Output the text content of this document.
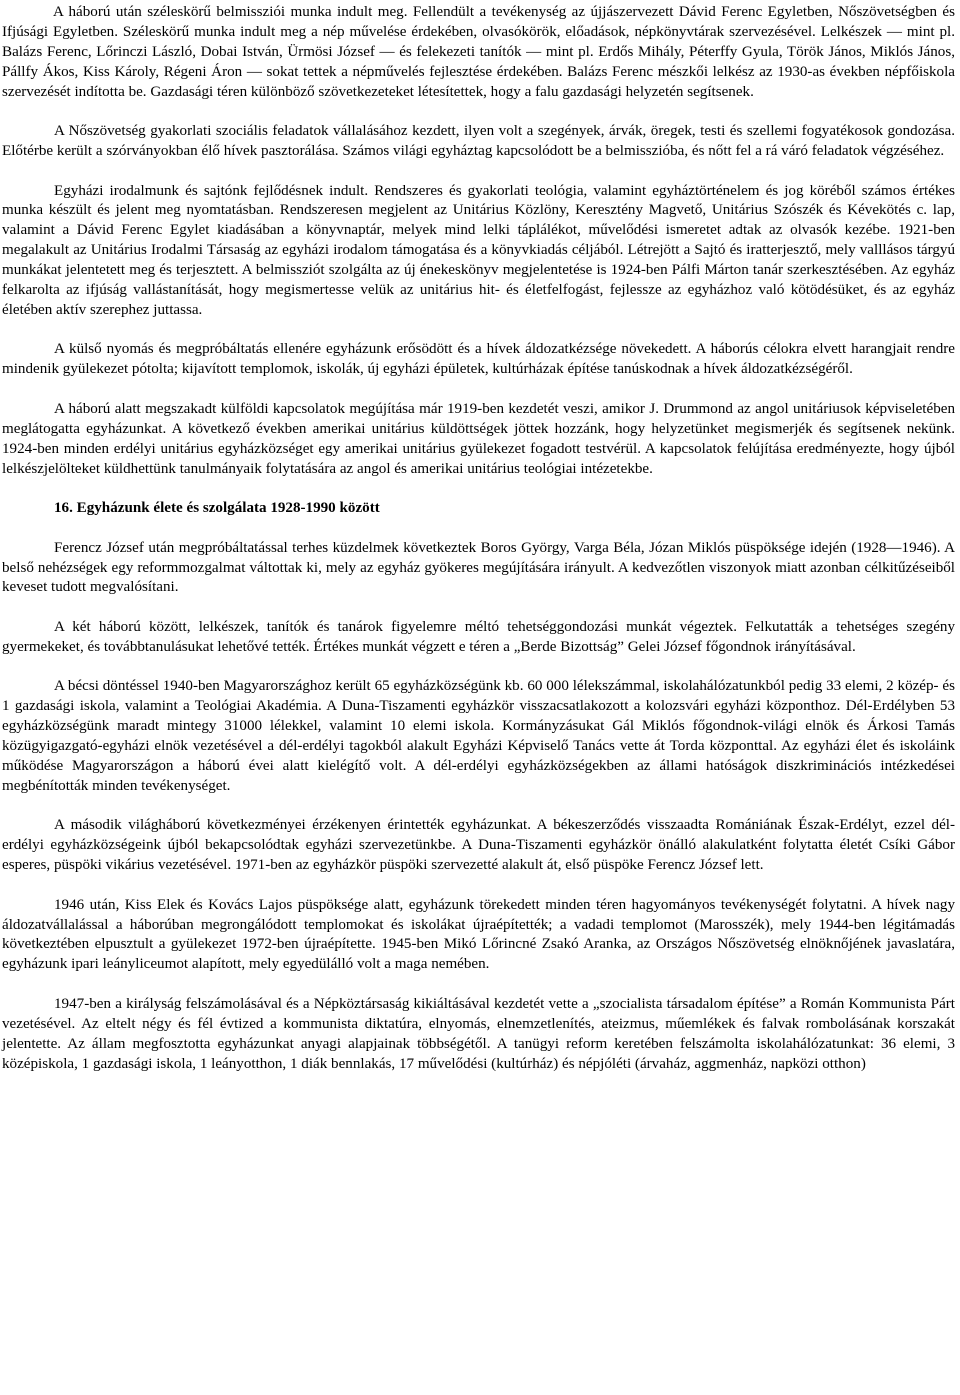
A háború után széleskörű belmissziói munka indult meg. Fellendült a tevékenység az újjászervezett Dávid Ferenc Egyletben, Nőszövetségben és Ifjúsági Egyletben. Széleskörű munka indult meg a nép művelése érdekében, olvasókörök, előadások, népkönyvtárak szervezésével. Lelkészek — mint pl. Balázs Ferenc, Lőrinczi László, Dobai István, Ürmösi József — és felekezeti tanítók — mint pl. Erdős Mihály, Péterffy Gyula, Török János, Miklós János, Pállfy Ákos, Kiss Károly, Régeni Áron — sokat tettek a népművelés fejlesztése érdekében. Balázs Ferenc mészkői lelkész az 1930-as években népfőiskola szervezését indította be. Gazdasági téren különböző szövetkezeteket létesítettek, hogy a falu gazdasági helyzetén segítsenek.

A Nőszövetség gyakorlati szociális feladatok vállalásához kezdett, ilyen volt a szegények, árvák, öregek, testi és szellemi fogyatékosok gondozása. Előtérbe került a szórványokban élő hívek pasztorálása. Számos világi egyháztag kapcsolódott be a belmisszióba, és nőtt fel a rá váró feladatok végzéséhez.

Egyházi irodalmunk és sajtónk fejlődésnek indult. Rendszeres és gyakorlati teológia, valamint egyháztörténelem és jog köréből számos értékes munka készült és jelent meg nyomtatásban. Rendszeresen megjelent az Unitárius Közlöny, Keresztény Magvető, Unitárius Szószék és Kévekötés c. lap, valamint a Dávid Ferenc Egylet kiadásában a könyvnaptár, melyek mind lelki táplálékot, művelődési ismeretet adtak az olvasók kezébe. 1921-ben megalakult az Unitárius Irodalmi Társaság az egyházi irodalom támogatása és a könyvkiadás céljából. Létrejött a Sajtó és iratterjesztő, mely valllásos tárgyú munkákat jelentetett meg és terjesztett. A belmissziót szolgálta az új énekeskönyv megjelentetése is 1924-ben Pálfi Márton tanár szerkesztésében. Az egyház felkarolta az ifjúság vallástanítását, hogy megismertesse velük az unitárius hit- és életfelfogást, fejlessze az egyházhoz való kötödésüket, és az egyház életében aktív szerephez juttassa.

A külső nyomás és megpróbáltatás ellenére egyházunk erősödött és a hívek áldozatkézsége növekedett. A háborús célokra elvett harangjait rendre mindenik gyülekezet pótolta; kijavított templomok, iskolák, új egyházi épületek, kultúrházak építése tanúskodnak a hívek áldozatkézségéről.

A háború alatt megszakadt külföldi kapcsolatok megújítása már 1919-ben kezdetét veszi, amikor J. Drummond az angol unitáriusok képviseletében meglátogatta egyházunkat. A következő években amerikai unitárius küldöttségek jöttek hozzánk, hogy helyzetünket megismerjék és segítsenek nekünk. 1924-ben minden erdélyi unitárius egyházközséget egy amerikai unitárius gyülekezet fogadott testvérül. A kapcsolatok felújítása eredményezte, hogy újból lelkészjelölteket küldhettünk tanulmányaik folytatására az angol és amerikai unitárius teológiai intézetekbe.

16. Egyházunk élete és szolgálata 1928-1990 között

Ferencz József után megpróbáltatással terhes küzdelmek következtek Boros György, Varga Béla, Józan Miklós püspöksége idején (1928—1946). A belső nehézségek egy reformmozgalmat váltottak ki, mely az egyház gyökeres megújítására irányult. A kedvezőtlen viszonyok miatt azonban célkitűzéseiből keveset tudott megvalósítani.

A két háború között, lelkészek, tanítók és tanárok figyelemre méltó tehetséggondozási munkát végeztek. Felkutatták a tehetséges szegény gyermekeket, és továbbtanulásukat lehetővé tették. Értékes munkát végzett e téren a „Berde Bizottság” Gelei József főgondnok irányításával.

A bécsi döntéssel 1940-ben Magyarországhoz került 65 egyházközségünk kb. 60 000 lélekszámmal, iskolahálózatunkból pedig 33 elemi, 2 közép- és 1 gazdasági iskola, valamint a Teológiai Akadémia. A Duna-Tiszamenti egyházkör visszacsatlakozott a kolozsvári egyházi központhoz. Dél-Erdélyben 53 egyházközségünk maradt mintegy 31000 lélekkel, valamint 10 elemi iskola. Kormányzásukat Gál Miklós főgondnok-világi elnök és Árkosi Tamás közügyigazgató-egyházi elnök vezetésével a dél-erdélyi tagokból alakult Egyházi Képviselő Tanács vette át Torda központtal. Az egyházi élet és iskoláink működése Magyarországon a háború évei alatt kielégítő volt. A dél-erdélyi egyházközségekben az állami hatóságok diszkriminációs intézkedései megbénították minden tevékenységet.

A második világháború következményei érzékenyen érintették egyházunkat. A békeszerződés visszaadta Romániának Észak-Erdélyt, ezzel dél-erdélyi egyházközségeink újból bekapcsolódtak egyházi szervezetünkbe. A Duna-Tiszamenti egyházkör önálló alakulatként folytatta életét Csíki Gábor esperes, püspöki vikárius vezetésével. 1971-ben az egyházkör püspöki szervezetté alakult át, első püspöke Ferencz József lett.

1946 után, Kiss Elek és Kovács Lajos püspöksége alatt, egyházunk törekedett minden téren hagyományos tevékenységét folytatni. A hívek nagy áldozatvállalással a háborúban megrongálódott templomokat és iskolákat újraépítették; a vadadi templomot (Marosszék), mely 1944-ben légitámadás következtében elpusztult a gyülekezet 1972-ben újraépítette. 1945-ben Mikó Lőrincné Zsakó Aranka, az Országos Nőszövetség elnöknőjének javaslatára, egyházunk ipari leányliceumot alapított, mely egyedülálló volt a maga nemében.

1947-ben a királyság felszámolásával és a Népköztársaság kikiáltásával kezdetét vette a „szocialista társadalom építése” a Román Kommunista Párt vezetésével. Az eltelt négy és fél évtized a kommunista diktatúra, elnyomás, elnemzetlenítés, ateizmus, műemlékek és falvak rombolásának korszakát jelentette. Az állam megfosztotta egyházunkat anyagi alapjainak többségétől. A tanügyi reform keretében felszámolta iskolahálózatunkat: 36 elemi, 3 középiskola, 1 gazdasági iskola, 1 leányotthon, 1 diák bennlakás, 17 művelődési (kultúrház) és népjóléti (árvaház, aggmenház, napközi otthon)
